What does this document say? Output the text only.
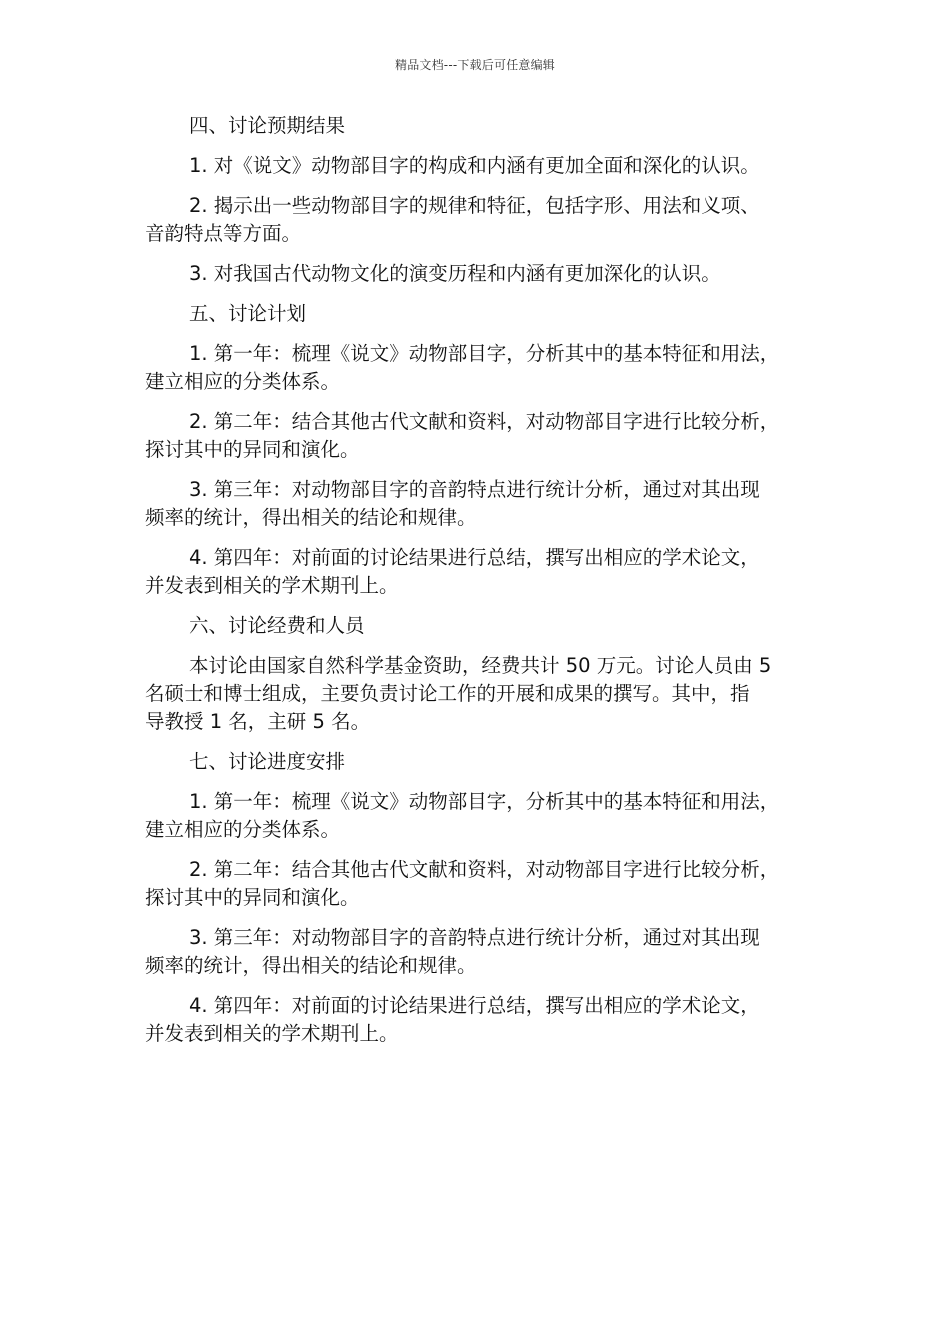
精品文档---下载后可任意编辑

四、讨论预期结果

1. 对《说文》动物部目字的构成和内涵有更加全面和深化的认识。

2. 揭示出一些动物部目字的规律和特征，包括字形、用法和义项、

音韵特点等方面。

3. 对我国古代动物文化的演变历程和内涵有更加深化的认识。

五、讨论计划

1. 第一年：梳理《说文》动物部目字，分析其中的基本特征和用法，

建立相应的分类体系。

2. 第二年：结合其他古代文献和资料，对动物部目字进行比较分析，

探讨其中的异同和演化。

3. 第三年：对动物部目字的音韵特点进行统计分析，通过对其出现

频率的统计，得出相关的结论和规律。

4. 第四年：对前面的讨论结果进行总结，撰写出相应的学术论文，

并发表到相关的学术期刊上。

六、讨论经费和人员

本讨论由国家自然科学基金资助，经费共计 50 万元。讨论人员由 5

名硕士和博士组成，主要负责讨论工作的开展和成果的撰写。其中，指

导教授 1 名，主研 5 名。

七、讨论进度安排

1. 第一年：梳理《说文》动物部目字，分析其中的基本特征和用法，

建立相应的分类体系。

2. 第二年：结合其他古代文献和资料，对动物部目字进行比较分析，

探讨其中的异同和演化。

3. 第三年：对动物部目字的音韵特点进行统计分析，通过对其出现

频率的统计，得出相关的结论和规律。

4. 第四年：对前面的讨论结果进行总结，撰写出相应的学术论文，

并发表到相关的学术期刊上。
